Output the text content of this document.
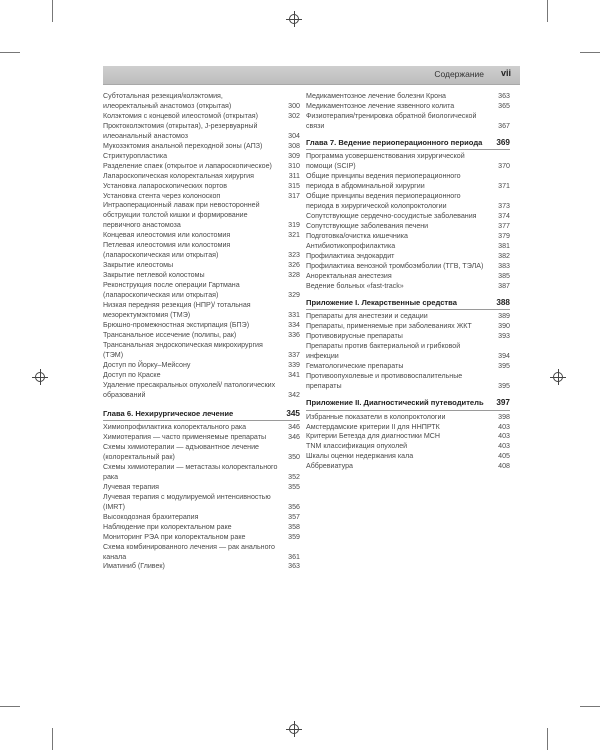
Содержание vii
Субтотальная резекция/колэктомия, илеоректальный анастомоз (открытая)	300
Колэктомия с концевой илеостомой (открытая)	302
Проктоколэктомия (открытая), J-резервуарный илеоанальный анастомоз	304
Мукозэктомия анальной переходной зоны (АПЗ)	308
Стриктуропластика	309
Разделение спаек (открытое и лапароскопическое) 310
Лапароскопическая колоректальная хирургия	311
Установка лапароскопических портов	315
Установка стента через колоноскоп	317
Интраоперационный лаваж при невосторонней обструкции толстой кишки и формирование первичного анастомоза	319
Концевая илеостомия или колостомия	321
Петлевая илеостомия или колостомия (лапароскопическая или открытая)	323
Закрытие илеостомы	326
Закрытие петлевой колостомы	328
Реконструкция после операции Гартмана (лапароскопическая или открытая)	329
Низкая передняя резекция (НПР)/ тотальная мезоректумэктомия (ТМЭ)	331
Брюшно-промежностная экстирпация (БПЭ)	334
Трансанальное иссечение (полипы, рак)	336
Трансанальная эндоскопическая микрохирургия (ТЭМ)	337
Доступ по Йорку–Мейсону	339
Доступ по Краске	341
Удаление пресакральных опухолей/ патологических образований	342
Глава 6. Нехирургическое лечение	345
Химиопрофилактика колоректального рака	346
Химиотерапия — часто применяемые препараты	346
Схемы химиотерапии — адъювантное лечение (колоректальный рак)	350
Схемы химиотерапии — метастазы колоректального рака	352
Лучевая терапия	355
Лучевая терапия с модулируемой интенсивностью (IMRT)	356
Высокодозная брахитерапия	357
Наблюдение при колоректальном раке	358
Мониторинг РЭА при колоректальном раке	359
Схема комбинированного лечения — рак анального канала	361
Иматиниб (Гливек)	363
Медикаментозное лечение болезни Крона	363
Медикаментозное лечение язвенного колита	365
Физиотерапия/тренировка обратной биологической связи	367
Глава 7. Ведение периоперационного периода 369
Программа усовершенствования хирургической помощи (SCIP)	370
Общие принципы ведения периоперационного периода в абдоминальной хирургии	371
Общие принципы ведения периоперационного периода в хирургической колопроктологии	373
Сопутствующие сердечно-сосудистые заболевания	374
Сопутствующие заболевания печени	377
Подготовка/очистка кишечника	379
Антибиотикопрофилактика	381
Профилактика эндокардит	382
Профилактика венозной тромбоэмболии (ТГВ, ТЭЛА) 383
Аноректальная анестезия	385
Ведение больных «fast-track»	387
Приложение I. Лекарственные средства	388
Препараты для анестезии и седации	389
Препараты, применяемые при заболеваниях ЖКТ	390
Противовирусные препараты	393
Препараты против бактериальной и грибковой инфекции	394
Гематологические препараты	395
Противоопухолевые и противовоспалительные препараты	395
Приложение II. Диагностический путеводитель 397
Избранные показатели в колопроктологии	398
Амстердамские критерии II для ННПРТК	403
Критерии Бетезда для диагностики МСН	403
TNM классификация опухолей	403
Шкалы оценки недержания кала	405
Аббревиатура	408
